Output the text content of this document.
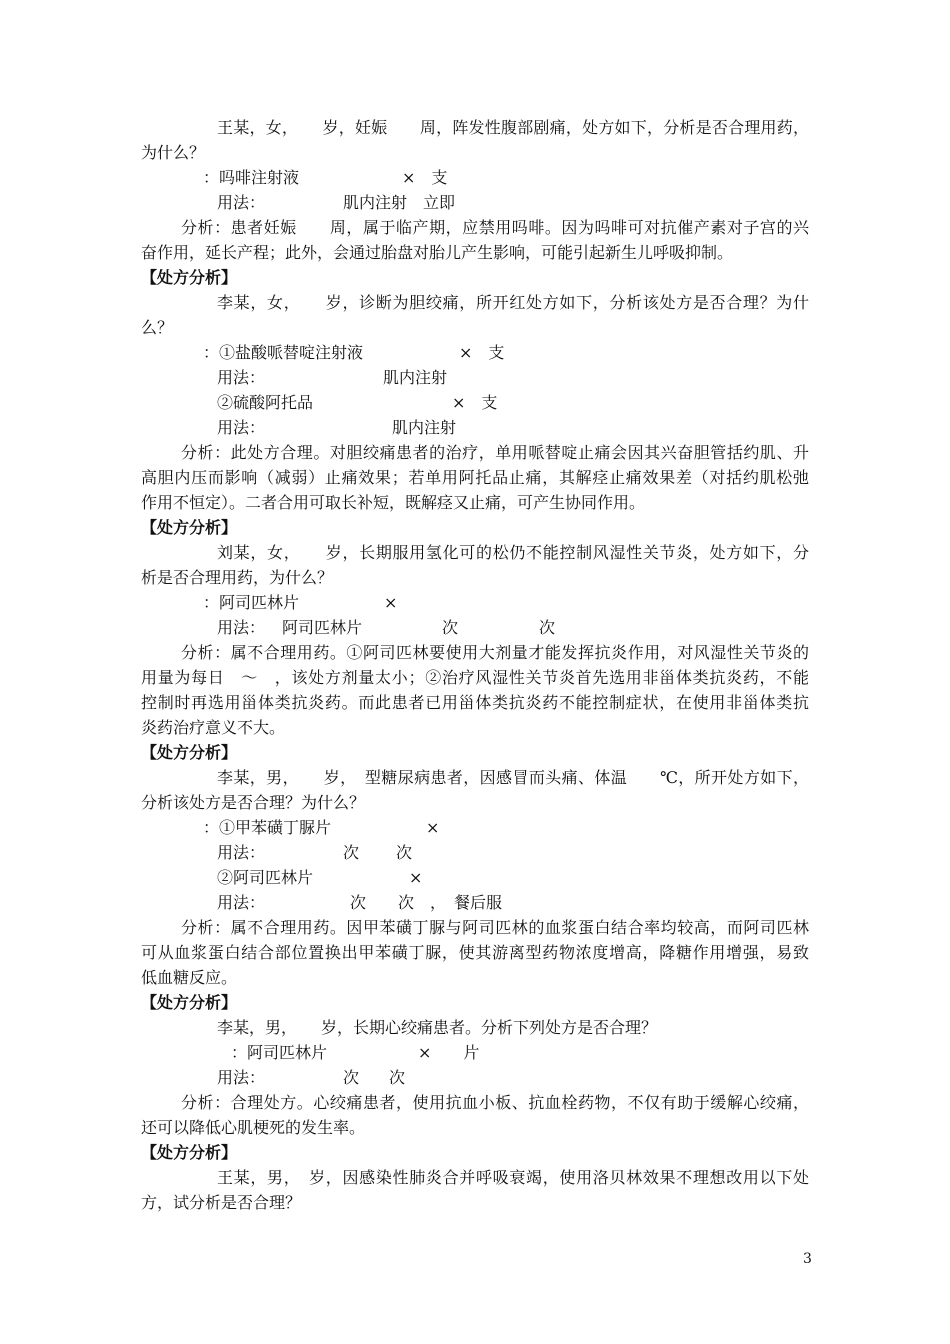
王某，女，　　岁，妊娠　　周，阵发性腹部剧痛，处方如下，分析是否合理用药，
为什么？
：吗啡注射液	×　支
用法：	肌内注射　立即
分析：患者妊娠　　周，属于临产期，应禁用吗啡。因为吗啡可对抗催产素对子宫的兴
奋作用，延长产程；此外，会通过胎盘对胎儿产生影响，可能引起新生儿呼吸抑制。
【处方分析】
李某，女，　　岁，诊断为胆绞痛，所开红处方如下，分析该处方是否合理？为什
么？
：①盐酸哌替啶注射液	×　支
用法：	肌内注射
②硫酸阿托品	×　支
用法：	肌内注射
分析：此处方合理。对胆绞痛患者的治疗，单用哌替啶止痛会因其兴奋胆管括约肌、升
高胆内压而影响（减弱）止痛效果；若单用阿托品止痛，其解痉止痛效果差（对括约肌松弛
作用不恒定）。二者合用可取长补短，既解痉又止痛，可产生协同作用。
【处方分析】
刘某，女，　　岁，长期服用氢化可的松仍不能控制风湿性关节炎，处方如下，分
析是否合理用药，为什么？
：阿司匹林片	×
用法： 阿司匹林片	次	次
分析：属不合理用药。①阿司匹林要使用大剂量才能发挥抗炎作用，对风湿性关节炎的
用量为每日　～　，该处方剂量太小；②治疗风湿性关节炎首先选用非甾体类抗炎药，不能
控制时再选用甾体类抗炎药。而此患者已用甾体类抗炎药不能控制症状，在使用非甾体类抗
炎药治疗意义不大。
【处方分析】
李某，男，　　岁，　型糖尿病患者，因感冒而头痛、体温　　℃，所开处方如下，
分析该处方是否合理？为什么？
：①甲苯磺丁脲片	×
用法：	次 次
②阿司匹林片	×
用法：	次　　次　，　餐后服
分析：属不合理用药。因甲苯磺丁脲与阿司匹林的血浆蛋白结合率均较高，而阿司匹林
可从血浆蛋白结合部位置换出甲苯磺丁脲，使其游离型药物浓度增高，降糖作用增强，易致
低血糖反应。
【处方分析】
李某，男，　　岁，长期心绞痛患者。分析下列处方是否合理？
：阿司匹林片	×　　片
用法：	次 次
分析：合理处方。心绞痛患者，使用抗血小板、抗血栓药物，不仅有助于缓解心绞痛，
还可以降低心肌梗死的发生率。
【处方分析】
王某，男，　岁，因感染性肺炎合并呼吸衰竭，使用洛贝林效果不理想改用以下处
方，试分析是否合理？
3
